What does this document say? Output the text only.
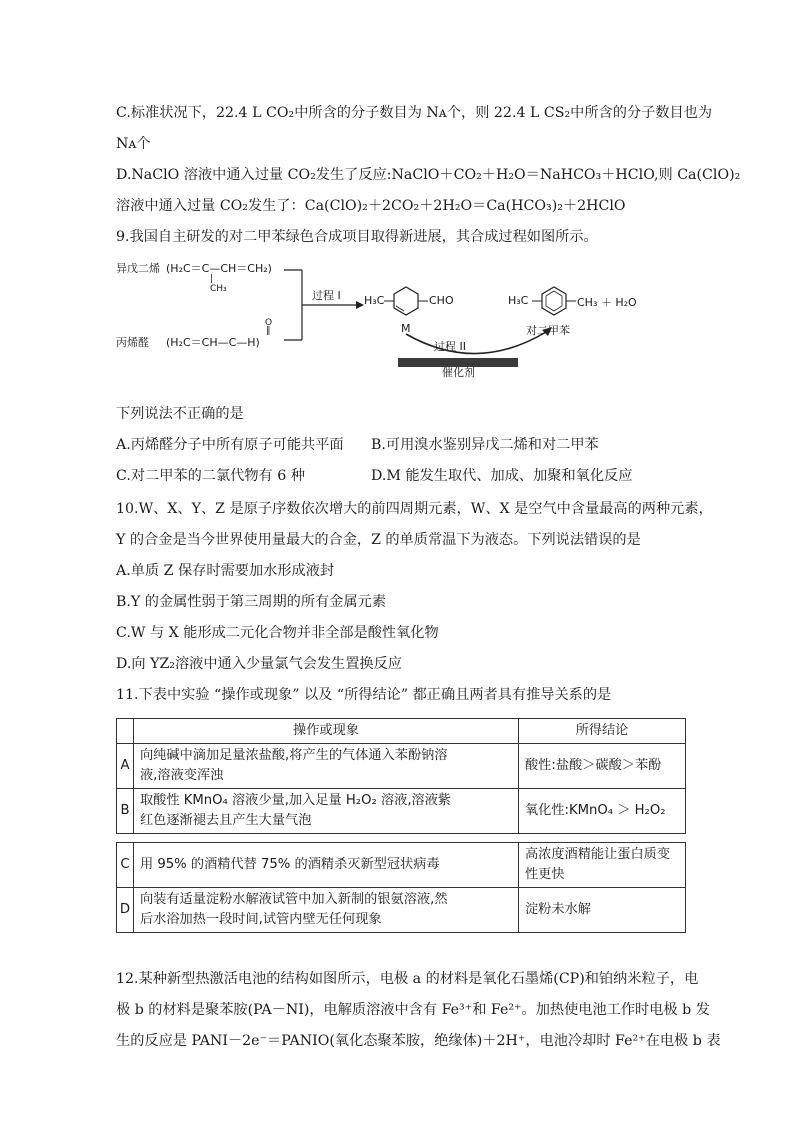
C.标准状况下，22.4 L CO₂中所含的分子数目为 Nᴀ个，则 22.4 L CS₂中所含的分子数目也为
Nᴀ个
D.NaClO 溶液中通入过量 CO₂发生了反应:NaClO＋CO₂＋H₂O＝NaHCO₃＋HClO,则 Ca(ClO)₂
溶液中通入过量 CO₂发生了：Ca(ClO)₂＋2CO₂＋2H₂O＝Ca(HCO₃)₂＋2HClO
9.我国自主研发的对二甲苯绿色合成项目取得新进展，其合成过程如图所示。
异戊二烯 (H₂C＝C—CH＝CH₂)
|
CH₃
O
‖
丙烯醛 (H₂C＝CH—C—H)
过程 I H₃C	CHO
M
H₃C	CH₃ ＋ H₂O
对二甲苯
过程 II
催化剂
下列说法不正确的是
A.丙烯醛分子中所有原子可能共平面 B.可用溴水鉴别异戊二烯和对二甲苯
C.对二甲苯的二氯代物有 6 种	D.M 能发生取代、加成、加聚和氧化反应
10.W、X、Y、Z 是原子序数依次增大的前四周期元素，W、X 是空气中含量最高的两种元素，
Y 的合金是当今世界使用量最大的合金，Z 的单质常温下为液态。下列说法错误的是
A.单质 Z 保存时需要加水形成液封
B.Y 的金属性弱于第三周期的所有金属元素
C.W 与 X 能形成二元化合物并非全部是酸性氧化物
D.向 YZ₂溶液中通入少量氯气会发生置换反应
11.下表中实验 “操作或现象” 以及 “所得结论” 都正确且两者具有推导关系的是
	操作或现象	所得结论
A	向纯碱中滴加足量浓盐酸,将产生的气体通入苯酚钠溶
液,溶液变浑浊	酸性:盐酸＞碳酸＞苯酚
B	取酸性 KMnO₄ 溶液少量,加入足量 H₂O₂ 溶液,溶液紫
红色逐渐褪去且产生大量气泡	氧化性:KMnO₄ ＞ H₂O₂
C	用 95% 的酒精代替 75% 的酒精杀灭新型冠状病毒	高浓度酒精能让蛋白质变
性更快

D	向装有适量淀粉水解液试管中加入新制的银氨溶液,然
后水浴加热一段时间,试管内壁无任何现象	淀粉未水解
12.某种新型热激活电池的结构如图所示，电极 a 的材料是氧化石墨烯(CP)和铂纳米粒子，电
极 b 的材料是聚苯胺(PA－NI)，电解质溶液中含有 Fe³⁺和 Fe²⁺。加热使电池工作时电极 b 发
生的反应是 PANI－2e⁻＝PANIO(氧化态聚苯胺，绝缘体)＋2H⁺，电池冷却时 Fe²⁺在电极 b 表
